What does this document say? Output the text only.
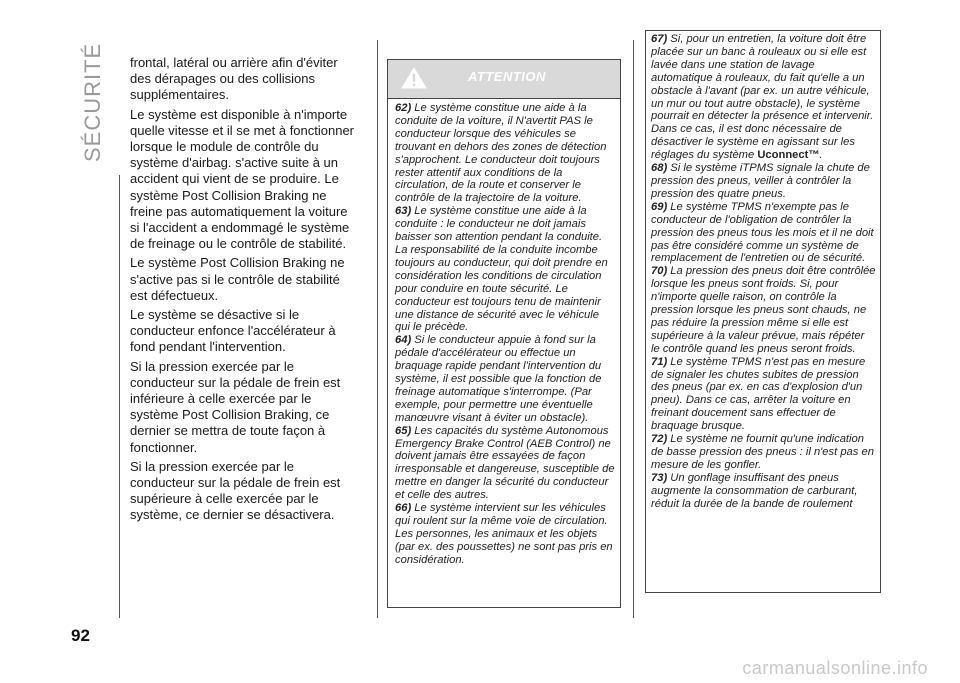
SÉCURITÉ frontal, latéral ou arrière afin d'éviter des dérapages ou des collisions supplémentaires.

Le système est disponible à n'importe quelle vitesse et il se met à fonctionner lorsque le module de contrôle du système d'airbag. s'active suite à un accident qui vient de se produire. Le système Post Collision Braking ne freine pas automatiquement la voiture si l'accident a endommagé le système de freinage ou le contrôle de stabilité.

Le système Post Collision Braking ne s'active pas si le contrôle de stabilité est défectueux.

Le système se désactive si le conducteur enfonce l'accélérateur à fond pendant l'intervention.

Si la pression exercée par le conducteur sur la pédale de frein est inférieure à celle exercée par le système Post Collision Braking, ce dernier se mettra de toute façon à fonctionner.

Si la pression exercée par le conducteur sur la pédale de frein est supérieure à celle exercée par le système, ce dernier se désactivera.

92
ATTENTION

62) Le système constitue une aide à la conduite de la voiture, il N'avertit PAS le conducteur lorsque des véhicules se trouvant en dehors des zones de détection s'approchent. Le conducteur doit toujours rester attentif aux conditions de la circulation, de la route et conserver le contrôle de la trajectoire de la voiture.

63) Le système constitue une aide à la conduite : le conducteur ne doit jamais baisser son attention pendant la conduite. La responsabilité de la conduite incombe toujours au conducteur, qui doit prendre en considération les conditions de circulation pour conduire en toute sécurité. Le conducteur est toujours tenu de maintenir une distance de sécurité avec le véhicule qui le précède.

64) Si le conducteur appuie à fond sur la pédale d'accélérateur ou effectue un braquage rapide pendant l'intervention du système, il est possible que la fonction de freinage automatique s'interrompe. (Par exemple, pour permettre une éventuelle manœuvre visant à éviter un obstacle).

65) Les capacités du système Autonomous Emergency Brake Control (AEB Control) ne doivent jamais être essayées de façon irresponsable et dangereuse, susceptible de mettre en danger la sécurité du conducteur et celle des autres.

66) Le système intervient sur les véhicules qui roulent sur la même voie de circulation. Les personnes, les animaux et les objets (par ex. des poussettes) ne sont pas pris en considération.

67) Si, pour un entretien, la voiture doit être placée sur un banc à rouleaux ou si elle est lavée dans une station de lavage automatique à rouleaux, du fait qu'elle a un obstacle à l'avant (par ex. un autre véhicule, un mur ou tout autre obstacle), le système pourrait en détecter la présence et intervenir. Dans ce cas, il est donc nécessaire de désactiver le système en agissant sur les réglages du système Uconnect™.

68) Si le système iTPMS signale la chute de pression des pneus, veiller à contrôler la pression des quatre pneus.

69) Le système TPMS n'exempte pas le conducteur de l'obligation de contrôler la pression des pneus tous les mois et il ne doit pas être considéré comme un système de remplacement de l'entretien ou de sécurité.

70) La pression des pneus doit être contrôlée lorsque les pneus sont froids. Si, pour n'importe quelle raison, on contrôle la pression lorsque les pneus sont chauds, ne pas réduire la pression même si elle est supérieure à la valeur prévue, mais répéter le contrôle quand les pneus seront froids.

71) Le système TPMS n'est pas en mesure de signaler les chutes subites de pression des pneus (par ex. en cas d'explosion d'un pneu). Dans ce cas, arrêter la voiture en freinant doucement sans effectuer de braquage brusque.

72) Le système ne fournit qu'une indication de basse pression des pneus : il n'est pas en mesure de les gonfler.

73) Un gonflage insuffisant des pneus augmente la consommation de carburant, réduit la durée de la bande de roulement

carmanualsonline.info
